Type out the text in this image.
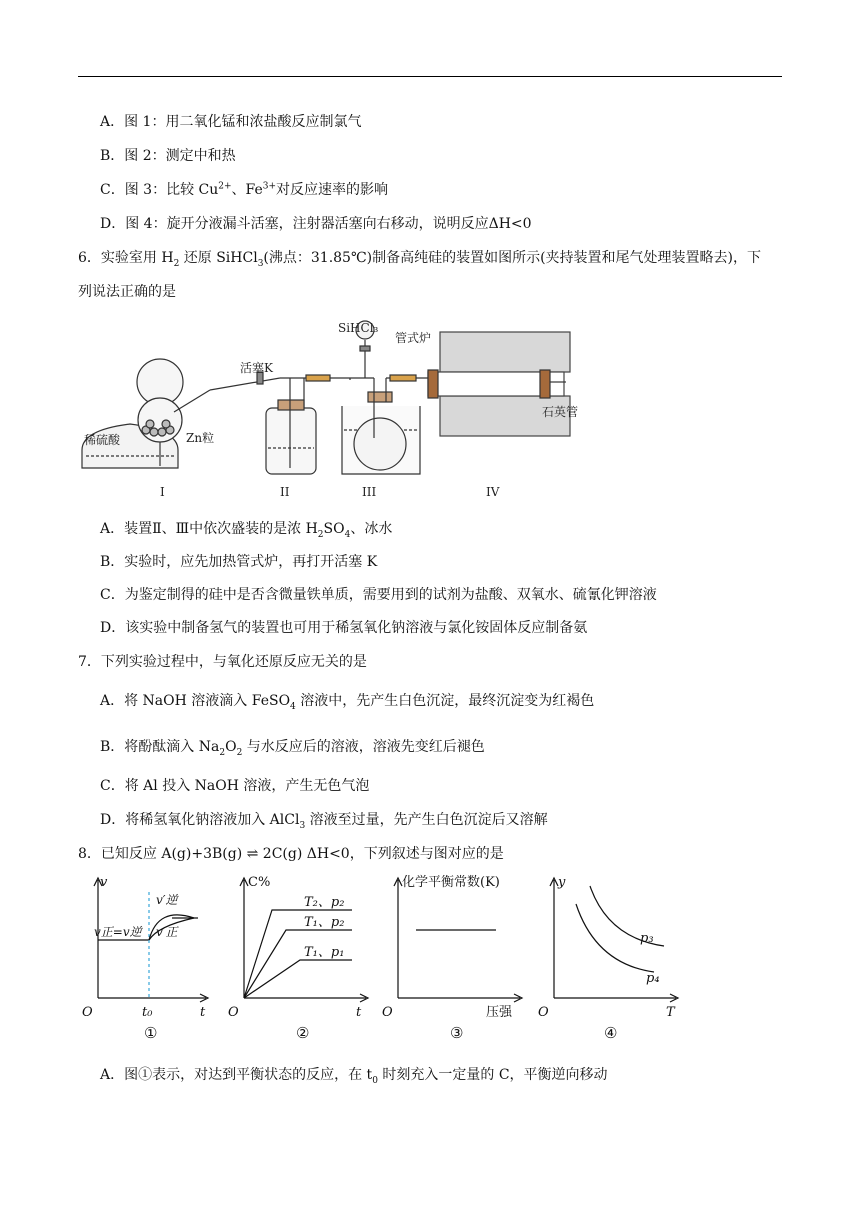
A．图 1：用二氧化锰和浓盐酸反应制氯气
B．图 2：测定中和热
C．图 3：比较 $Cu^{2+}$、$Fe^{3+}$对反应速率的影响
D．图 4：旋开分液漏斗活塞，注射器活塞向右移动，说明反应ΔH<0
6．实验室用 $H_2$ 还原 SiHCl$_3$(沸点：31.85℃)制备高纯硅的装置如图所示(夹持装置和尾气处理装置略去)，下
列说法正确的是
SiHCl₃
管式炉
活塞K
Zn粒
稀硫酸
石英管
I	II	III	IV
A．装置Ⅱ、Ⅲ中依次盛装的是浓 $H_2SO_4$、冰水
B．实验时，应先加热管式炉，再打开活塞 K
C．为鉴定制得的硅中是否含微量铁单质，需要用到的试剂为盐酸、双氧水、硫氰化钾溶液
D．该实验中制备氢气的装置也可用于稀氢氧化钠溶液与氯化铵固体反应制备氨
7．下列实验过程中，与氧化还原反应无关的是
A．将 NaOH 溶液滴入 FeSO$_4$ 溶液中，先产生白色沉淀，最终沉淀变为红褐色
B．将酚酞滴入 $Na_2O_2$ 与水反应后的溶液，溶液先变红后褪色
C．将 Al 投入 NaOH 溶液，产生无色气泡
D．将稀氢氧化钠溶液加入 AlCl$_3$ 溶液至过量，先产生白色沉淀后又溶解
8．已知反应 A(g)+3B(g) ⇌ 2C(g) ΔH<0，下列叙述与图对应的是
v
t
O	t₀
v′逆
v′正
v正=v逆
①
C%
t
O
T₂、p₂
T₁、p₂
T₁、p₁
②
化学平衡常数(K)
压强
O
③
y
T
O
p₃
p₄
④
A．图①表示，对达到平衡状态的反应，在 $t_0$ 时刻充入一定量的 C，平衡逆向移动
